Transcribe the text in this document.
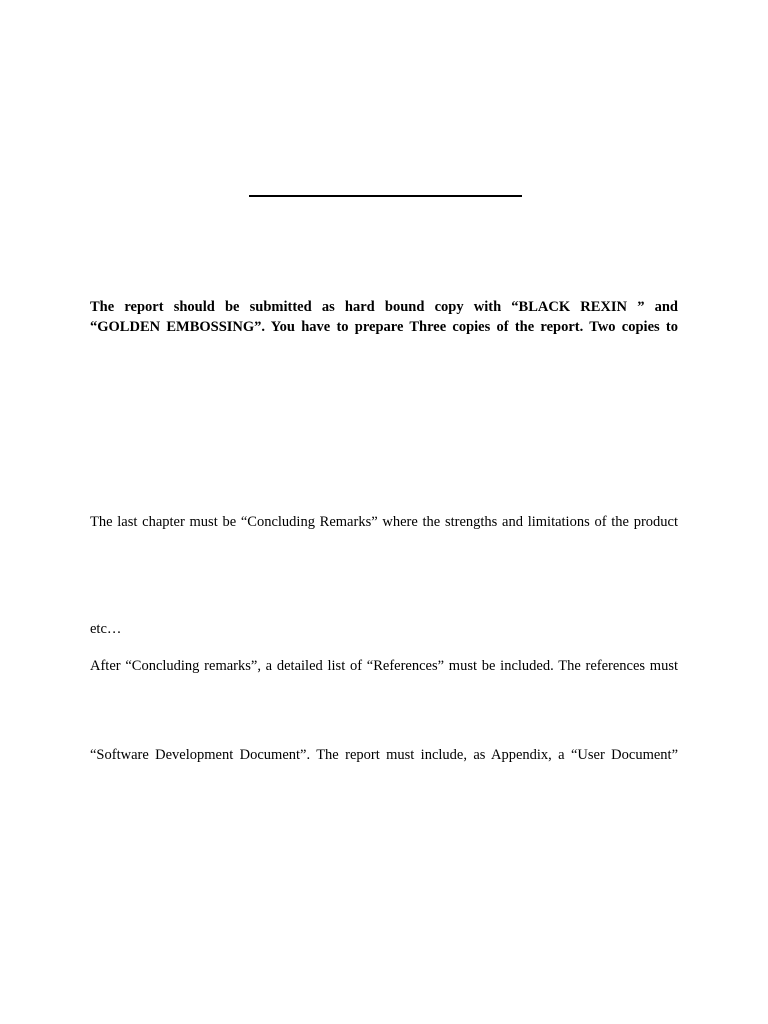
The report should be submitted as hard bound copy with “BLACK REXIN ” and
“GOLDEN EMBOSSING”. You have to prepare Three copies of the report. Two copies to
The last chapter must be “Concluding Remarks” where the strengths and limitations of the product
etc…
After “Concluding remarks”, a detailed list of “References” must be included. The references must
“Software Development Document”. The report must include, as Appendix, a “User Document”
